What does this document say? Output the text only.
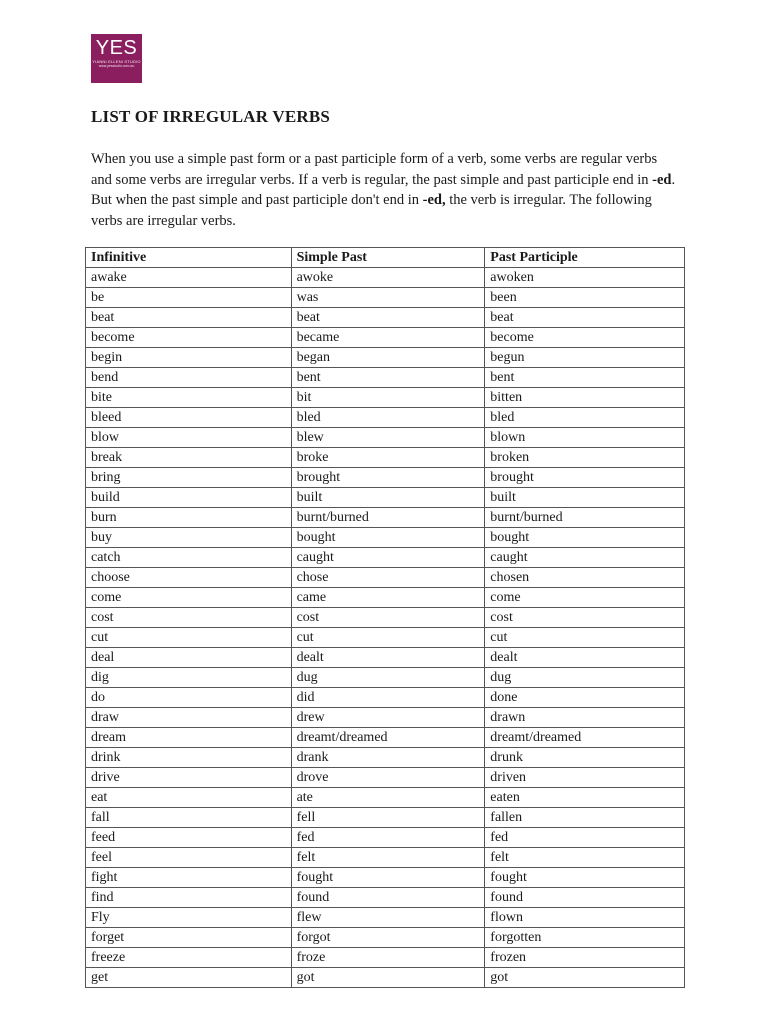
YES
YIANNI ELLENI STUDIO
www.yesstudio.com.au
LIST OF IRREGULAR VERBS
When you use a simple past form or a past participle form of a verb, some verbs are regular verbs and some verbs are irregular verbs. If a verb is regular, the past simple and past participle end in -ed. But when the past simple and past participle don't end in -ed, the verb is irregular. The following verbs are irregular verbs.
Infinitive	Simple Past	Past Participle
awake	awoke	awoken
be	was	been
beat	beat	beat
become	became	become
begin	began	begun
bend	bent	bent
bite	bit	bitten
bleed	bled	bled
blow	blew	blown
break	broke	broken
bring	brought	brought
build	built	built
burn	burnt/burned	burnt/burned
buy	bought	bought
catch	caught	caught
choose	chose	chosen
come	came	come
cost	cost	cost
cut	cut	cut
deal	dealt	dealt
dig	dug	dug
do	did	done
draw	drew	drawn
dream	dreamt/dreamed	dreamt/dreamed
drink	drank	drunk
drive	drove	driven
eat	ate	eaten
fall	fell	fallen
feed	fed	fed
feel	felt	felt
fight	fought	fought
find	found	found
Fly	flew	flown
forget	forgot	forgotten
freeze	froze	frozen
get	got	got
